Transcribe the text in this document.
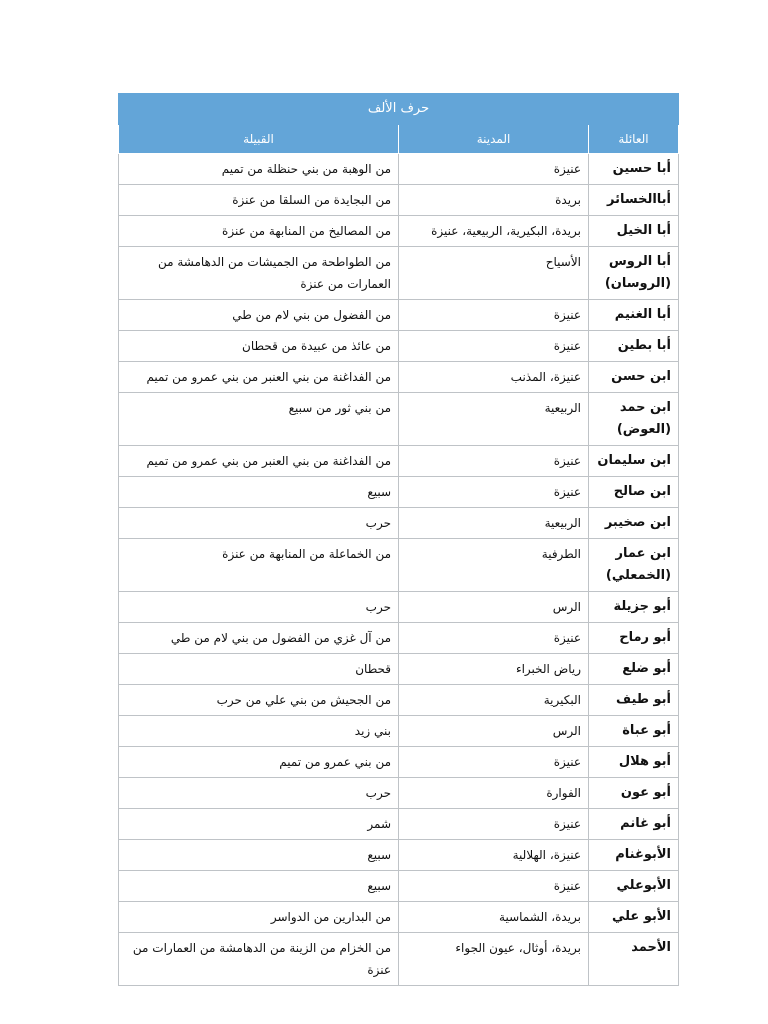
حرف الألف		
العائلة	المدينة	القبيلة
أبا حسين	عنيزة	من الوهبة من بني حنظلة من تميم
أباالخسائر	بريدة	من البجايدة من السلقا من عنزة
أبا الخيل	بريدة، البكيرية، الربيعية، عنيزة	من المصاليخ من المنابهة من عنزة
أبا الروس (الروسان)	الأسياح	من الطواطحة من الجميشات من الدهامشة من العمارات من عنزة
أبا الغنيم	عنيزة	من الفضول من بني لام من طي
أبا بطين	عنيزة	من عائذ من عبيدة من قحطان
ابن حسن	عنيزة، المذنب	من الفداغنة من بني العنبر من بني عمرو من تميم
ابن حمد (العوض)	الربيعية	من بني ثور من سبيع
ابن سليمان	عنيزة	من الفداغنة من بني العنبر من بني عمرو من تميم
ابن صالح	عنيزة	سبيع
ابن صخيبر	الربيعية	حرب
ابن عمار (الخمعلي)	الطرفية	من الخماعلة من المنابهة من عنزة
أبو جزيلة	الرس	حرب
أبو رماح	عنيزة	من آل غزي من الفضول من بني لام من طي
أبو ضلع	رياض الخبراء	قحطان
أبو طيف	البكيرية	من الجحيش من بني علي من حرب
أبو عباة	الرس	بني زيد
أبو هلال	عنيزة	من بني عمرو من تميم
أبو عون	الفوارة	حرب
أبو غانم	عنيزة	شمر
الأبوغنام	عنيزة، الهلالية	سبيع
الأبوعلي	عنيزة	سبيع
الأبو علي	بريدة، الشماسية	من البدارين من الدواسر
الأحمد	بريدة، أوثال، عيون الجواء	من الخزام من الزينة من الدهامشة من العمارات من عنزة
